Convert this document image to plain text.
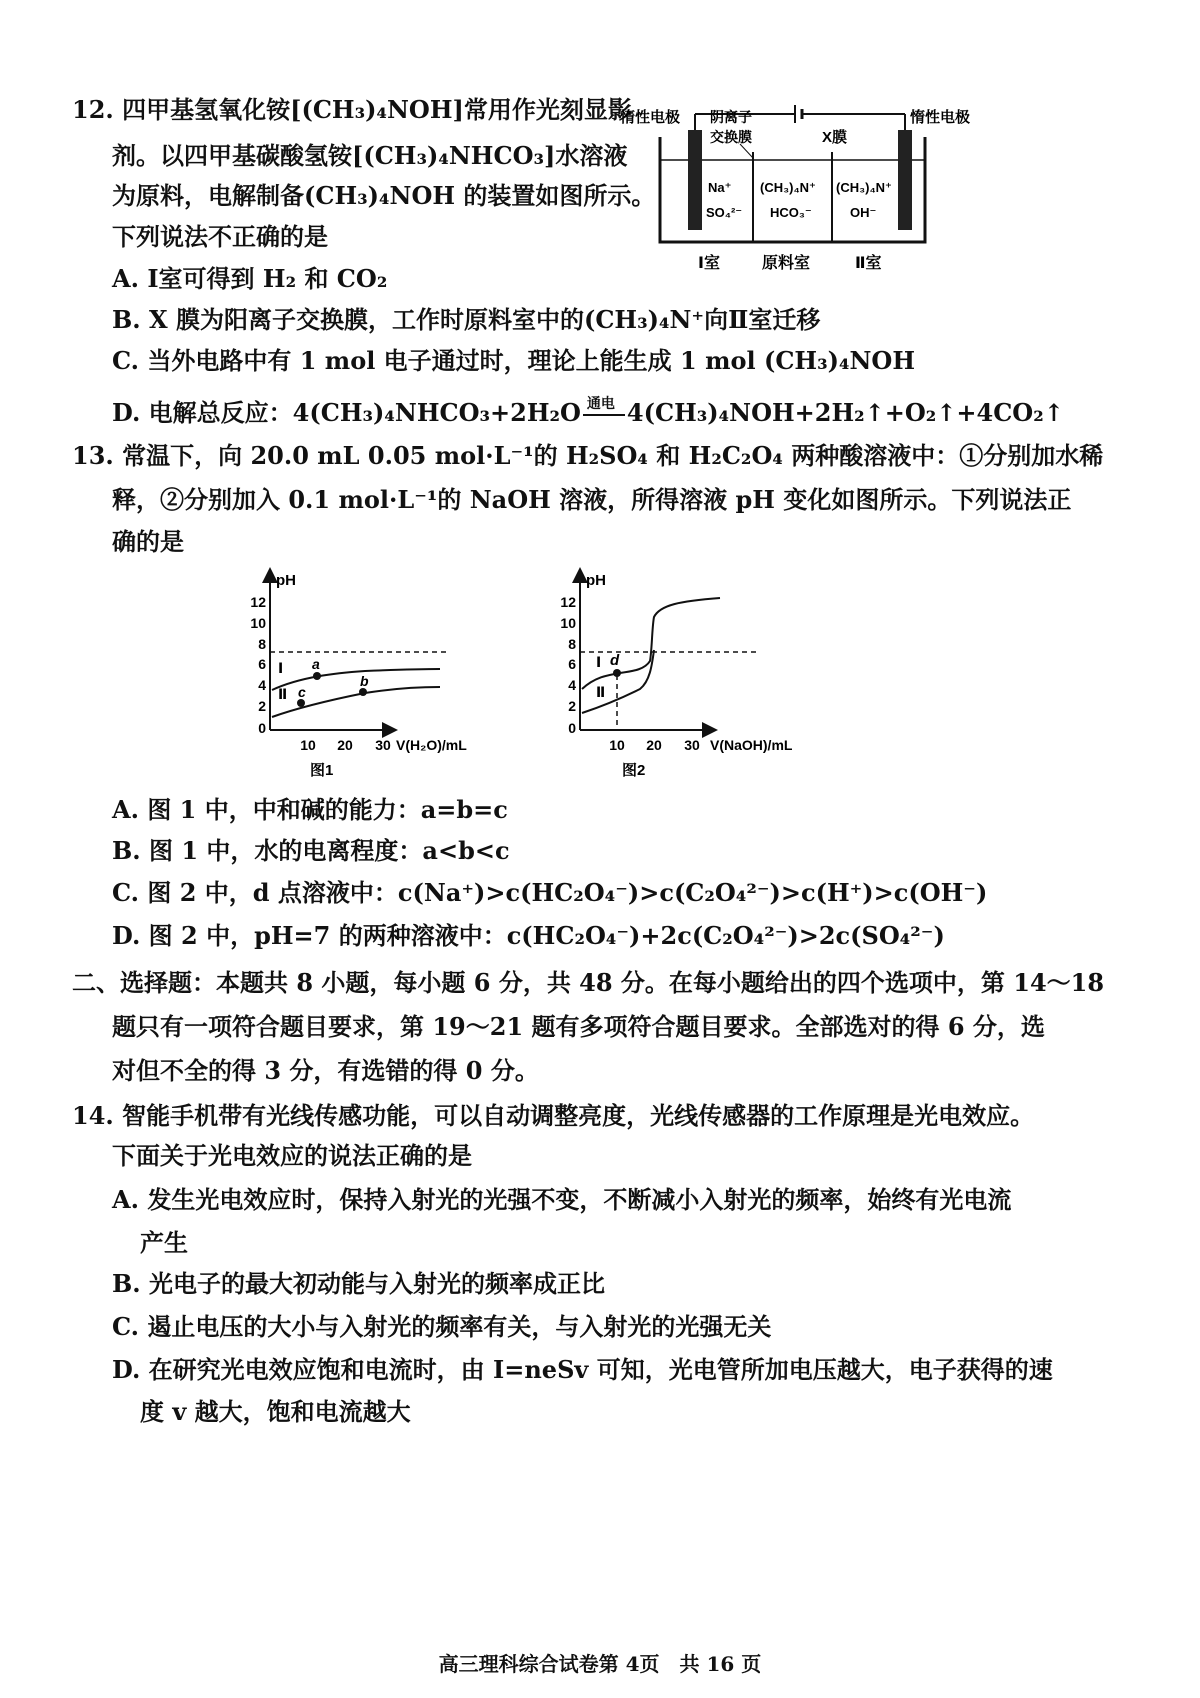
12. 四甲基氢氧化铵[(CH₃)₄NOH]常用作光刻显影
剂。以四甲基碳酸氢铵[(CH₃)₄NHCO₃]水溶液
为原料，电解制备(CH₃)₄NOH 的装置如图所示。
下列说法不正确的是
A. Ⅰ室可得到 H₂ 和 CO₂
B. X 膜为阳离子交换膜，工作时原料室中的(CH₃)₄N⁺向Ⅱ室迁移
C. 当外电路中有 1 mol 电子通过时，理论上能生成 1 mol (CH₃)₄NOH
D. 电解总反应：4(CH₃)₄NHCO₃+2H₂O 通电 4(CH₃)₄NOH+2H₂↑+O₂↑+4CO₂↑
惰性电极	惰性电极
阴离子
交换膜	X膜
Na⁺
SO₄²⁻
(CH₃)₄N⁺
HCO₃⁻
(CH₃)₄N⁺
OH⁻
Ⅰ室	原料室	Ⅱ室
13. 常温下，向 20.0 mL 0.05 mol·L⁻¹的 H₂SO₄ 和 H₂C₂O₄ 两种酸溶液中：①分别加水稀
释，②分别加入 0.1 mol·L⁻¹的 NaOH 溶液，所得溶液 pH 变化如图所示。下列说法正
确的是
pH
12
10
8
6
4
2
0
10 20 30 V(H₂O)/mL
a
b
c
Ⅰ
Ⅱ
图1
pH
12
10
8
6
4
2
0
10 20 30 V(NaOH)/mL
d
Ⅰ
Ⅱ
图2
A. 图 1 中，中和碱的能力：a=b=c
B. 图 1 中，水的电离程度：a<b<c
C. 图 2 中，d 点溶液中：c(Na⁺)>c(HC₂O₄⁻)>c(C₂O₄²⁻)>c(H⁺)>c(OH⁻)
D. 图 2 中，pH=7 的两种溶液中：c(HC₂O₄⁻)+2c(C₂O₄²⁻)>2c(SO₄²⁻)
二、选择题：本题共 8 小题，每小题 6 分，共 48 分。在每小题给出的四个选项中，第 14～18
题只有一项符合题目要求，第 19～21 题有多项符合题目要求。全部选对的得 6 分，选
对但不全的得 3 分，有选错的得 0 分。
14. 智能手机带有光线传感功能，可以自动调整亮度，光线传感器的工作原理是光电效应。
下面关于光电效应的说法正确的是
A. 发生光电效应时，保持入射光的光强不变，不断减小入射光的频率，始终有光电流
产生
B. 光电子的最大初动能与入射光的频率成正比
C. 遏止电压的大小与入射光的频率有关，与入射光的光强无关
D. 在研究光电效应饱和电流时，由 I=neSv 可知，光电管所加电压越大，电子获得的速
度 v 越大，饱和电流越大
高三理科综合试卷第 4页　共 16 页
